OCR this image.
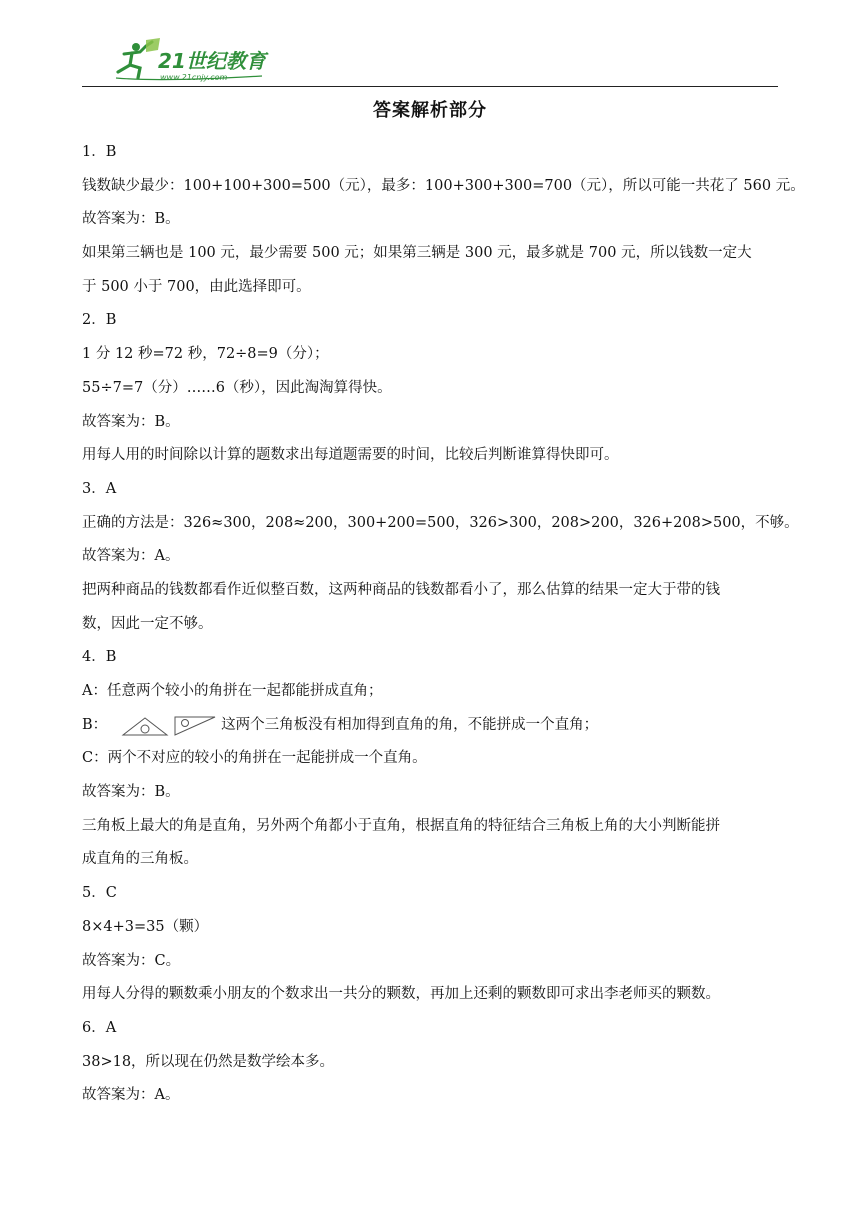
21世纪教育
www.21cnjy.com
答案解析部分
1．B
钱数缺少最少：100+100+300=500（元），最多：100+300+300=700（元），所以可能一共花了 560 元。
故答案为：B。
如果第三辆也是 100 元，最少需要 500 元；如果第三辆是 300 元，最多就是 700 元，所以钱数一定大
于 500 小于 700，由此选择即可。
2．B
1 分 12 秒=72 秒，72÷8=9（分）；
55÷7=7（分）……6（秒），因此淘淘算得快。
故答案为：B。
用每人用的时间除以计算的题数求出每道题需要的时间，比较后判断谁算得快即可。
3．A
正确的方法是：326≈300，208≈200，300+200=500，326>300，208>200，326+208>500，不够。
故答案为：A。
把两种商品的钱数都看作近似整百数，这两种商品的钱数都看小了，那么估算的结果一定大于带的钱
数，因此一定不够。
4．B
A：任意两个较小的角拼在一起都能拼成直角；
B：	这两个三角板没有相加得到直角的角，不能拼成一个直角；
C：两个不对应的较小的角拼在一起能拼成一个直角。
故答案为：B。
三角板上最大的角是直角，另外两个角都小于直角，根据直角的特征结合三角板上角的大小判断能拼
成直角的三角板。
5．C
8×4+3=35（颗）
故答案为：C。
用每人分得的颗数乘小朋友的个数求出一共分的颗数，再加上还剩的颗数即可求出李老师买的颗数。
6．A
38>18，所以现在仍然是数学绘本多。
故答案为：A。
